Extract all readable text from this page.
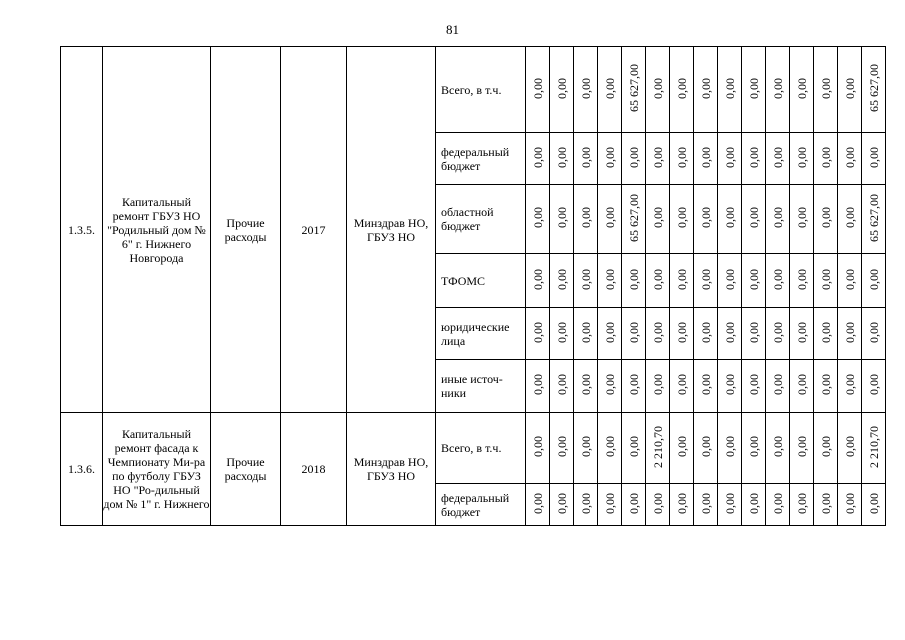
81
1.3.5.	Капитальный ремонт ГБУЗ НО "Родильный дом № 6" г. Нижнего Новгорода	Прочие расходы	2017	Минздрав НО, ГБУЗ НО	Всего, в т.ч.	0,00	0,00	0,00	0,00	65 627,00	0,00	0,00	0,00	0,00	0,00	0,00	0,00	0,00	0,00	65 627,00
					федеральный бюджет	0,00	0,00	0,00	0,00	0,00	0,00	0,00	0,00	0,00	0,00	0,00	0,00	0,00	0,00	0,00
					областной бюджет	0,00	0,00	0,00	0,00	65 627,00	0,00	0,00	0,00	0,00	0,00	0,00	0,00	0,00	0,00	65 627,00
					ТФОМС	0,00	0,00	0,00	0,00	0,00	0,00	0,00	0,00	0,00	0,00	0,00	0,00	0,00	0,00	0,00
					юридические лица	0,00	0,00	0,00	0,00	0,00	0,00	0,00	0,00	0,00	0,00	0,00	0,00	0,00	0,00	0,00
					иные источ-ники	0,00	0,00	0,00	0,00	0,00	0,00	0,00	0,00	0,00	0,00	0,00	0,00	0,00	0,00	0,00
1.3.6.	Капитальный ремонт фасада к Чемпионату Ми-ра по футболу ГБУЗ НО "Ро-дильный дом № 1" г. Нижнего	Прочие расходы	2018	Минздрав НО, ГБУЗ НО	Всего, в т.ч.	0,00	0,00	0,00	0,00	0,00	2 210,70	0,00	0,00	0,00	0,00	0,00	0,00	0,00	0,00	2 210,70
					федеральный бюджет	0,00	0,00	0,00	0,00	0,00	0,00	0,00	0,00	0,00	0,00	0,00	0,00	0,00	0,00	0,00
